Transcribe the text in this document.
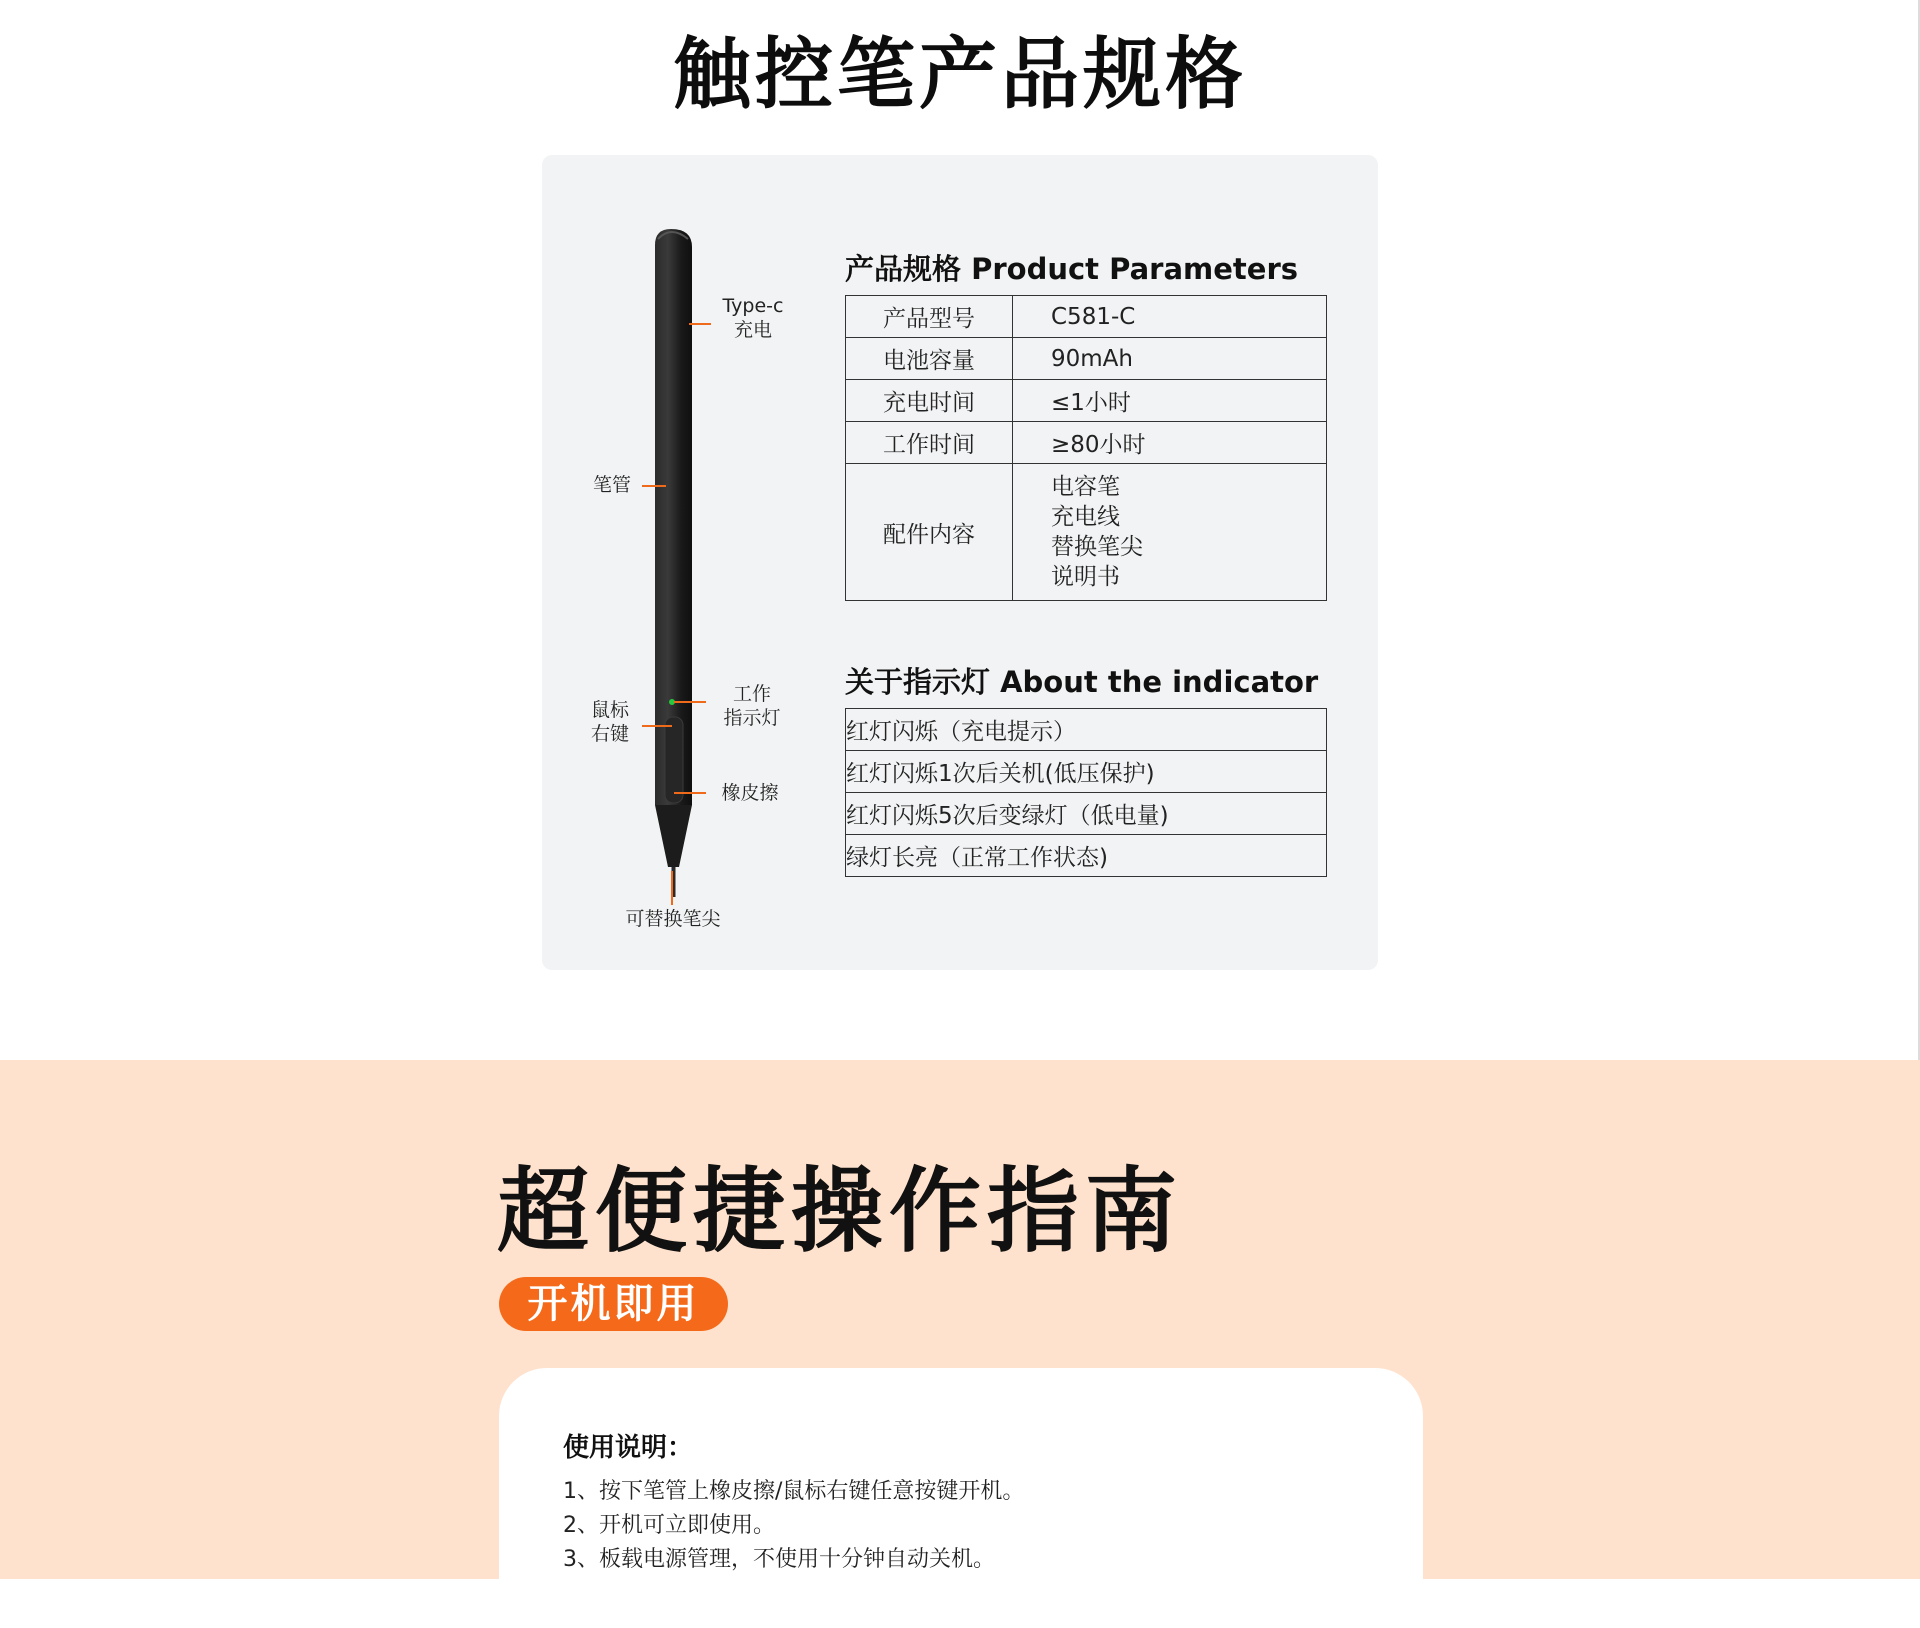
触控笔产品规格
Type-c
充电
笔管
工作
指示灯
鼠标
右键
橡皮擦
可替换笔尖
产品规格 Product Parameters
产品型号	C581-C
电池容量	90mAh
充电时间	≤1小时
工作时间	≥80小时
配件内容	电容笔
充电线
替换笔尖
说明书
关于指示灯 About the indicator
红灯闪烁（充电提示）
红灯闪烁1次后关机(低压保护)
红灯闪烁5次后变绿灯（低电量)
绿灯长亮（正常工作状态)
超便捷操作指南
开机即用
使用说明：
1、按下笔管上橡皮擦/鼠标右键任意按键开机。
2、开机可立即使用。
3、板载电源管理，不使用十分钟自动关机。
